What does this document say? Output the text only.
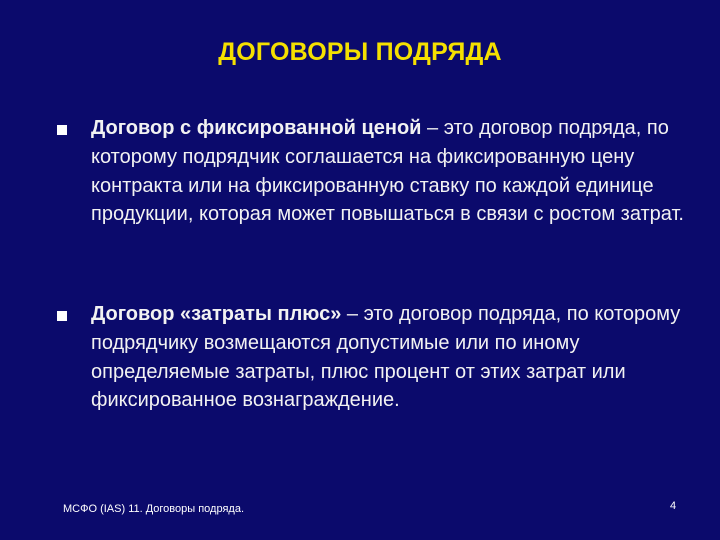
ДОГОВОРЫ ПОДРЯДА
Договор с фиксированной ценой – это договор подряда, по которому подрядчик соглашается на фиксированную цену контракта или на фиксированную ставку по каждой единице продукции, которая может повышаться в связи с ростом затрат.
Договор «затраты плюс» – это договор подряда, по которому подрядчику возмещаются допустимые или по иному определяемые затраты, плюс процент от этих затрат или фиксированное вознаграждение.
МСФО (IAS) 11. Договоры подряда.	4
